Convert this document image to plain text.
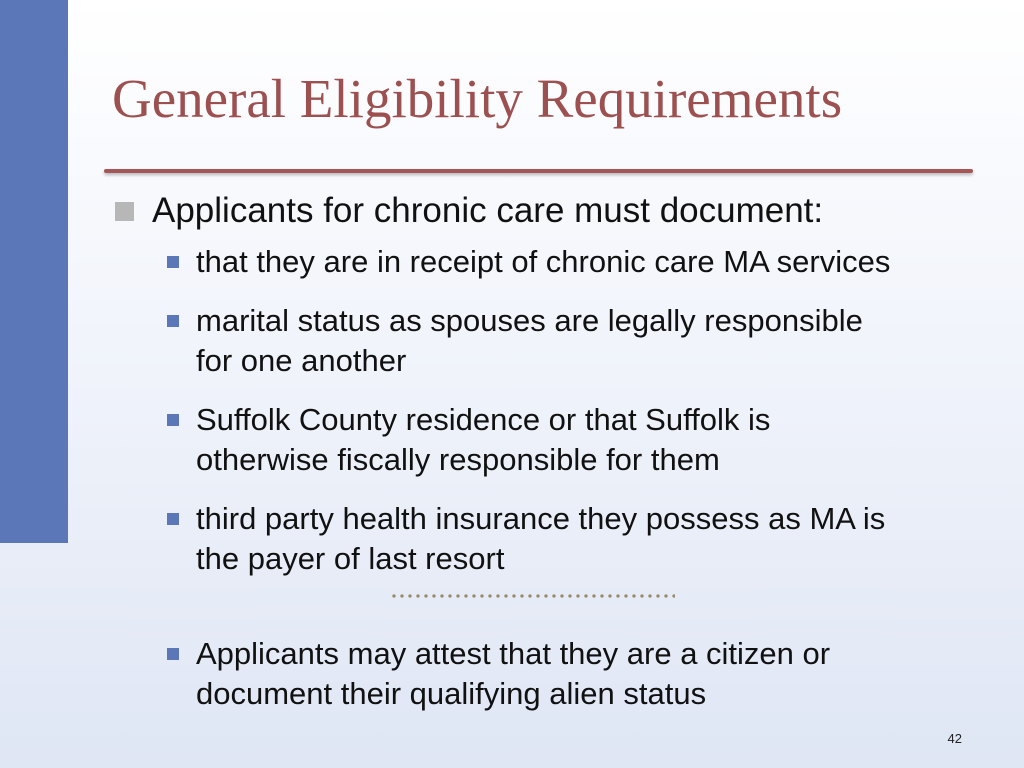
General Eligibility Requirements
Applicants for chronic care must document:
that they are in receipt of chronic care MA services
marital status as spouses are legally responsible
for one another
Suffolk County residence or that Suffolk is
otherwise fiscally responsible for them
third party health insurance they possess as MA is
the payer of last resort
Applicants may attest that they are a citizen or
document their qualifying alien status
42
